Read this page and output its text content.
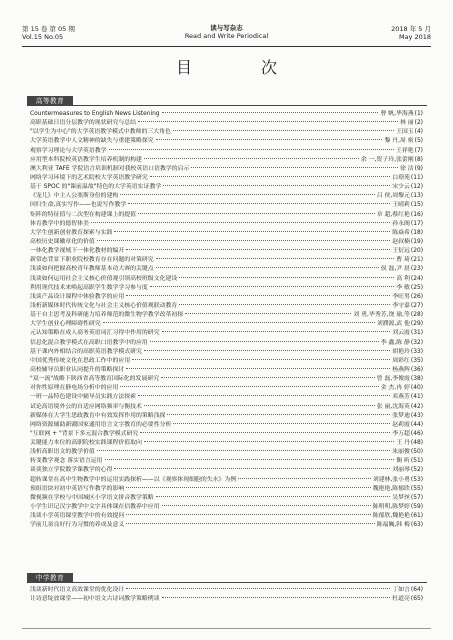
第 15 卷 第 05 期
Vol.15 No.05
读与写杂志
Read and Write Periodical
2018 年 5 月
May 2018
目 次
高等教育
Countermeasures to English News Listening	曹 帆,华海燕 (1)
高职基础日语分层教学的现状研究与总结	林 丽 (2)
"以学生为中心"的大学英语教学模式中教师的三大角色	王国玉 (4)
大学英语教学中人文精神的缺失与重建策略探究	黎 丹,周 密 (5)
观察学习理论与大学英语教学	王祥艳 (7)
应用型本科院校英语教学生培养机制的构建	余 一,贺子玲,张蕾刚 (8)
澳大利亚 TAFE 学院语言培训机制对我校英语口语教学的启示	徐 洁 (9)
网络学习环境下的艺术院校大学英语教学研究	白璟苑 (11)
基于 SPOC 的"课前温故"特色的大学英语实证教学	宋少云 (12)
《宠儿》中主人公塞斯身份的建构	吕 侠,周黎元 (13)
回归生命,真实写作——也说写作教学	王晴莉 (15)
矩阵的特征值与二次型在构建课上的提值	章 超,蔡红艳 (16)
体育教学中的德智体美	孙永阁 (17)
大学生创新创业教育探索与实践	陈焱希 (18)
高校历史课徽章化的价值	赵叔楠 (19)
一体化教学视域下一体化教材的编开	王衍远 (20)
新常态背景下职业院校教育存在问题的对策研究	曹 琦 (21)
浅谈如何把握高校青年教师基本功大赛的关键点	侯 磊,尹 晨 (23)
浅谈如何运用社会主义核心价值观引领高校班级文化建设	高 利 (24)
利用现代技术来唤起高职学生数学学习参与度	李 敏 (25)
浅谈产品设计课程中体验教学的应用	李旺男 (26)
浅析新媒体时代传统文化与社会主义核心价值观联动教育	李守嘉 (27)
基于自主思考及科研能力培养师范的微生物学教学改革初探	刘 勇,毕秀芳,饶 瑜,等 (28)
大学生创业心理障碍性研究	刘濮源,武 他 (29)
元认知策略在成人商务英语词汇习得中作用的研究	刘云霞 (31)
信息化混合教学模式在高职口语教学中的应用	李 鑫,陈 静 (32)
基于课内外相结合的高职英语教学模式研究	胡艳玲 (33)
中国优秀传统文化在思政工作中的应用	周彩红 (35)
高校辅导员职业认同提升的策略探讨	杨燕辉 (36)
"双一流"战略下陕西省高等教育国际化的发展研究	曾 磊,李俊霞 (38)
对你性原理在静电场分析中的应用	金 杰,冉 婷 (40)
一班一品特色建设中辅导员实践方法探索	邓燕芳 (41)
试论高语境外公的自适应网络频率与衡技术	张 丽,沈海英 (42)
新媒体在大学生思政教育中有效发挥作用的策略浅探	张梦迪 (43)
网络资源辅助新疆国家通用语言文字教育的必要性分析	赵莉霞 (44)
"互联网 + "背景下多元混合教学模式研究	李万超 (46)
关键能力本位的高职院校实践课程价值取向	王 丹 (48)
浅析高职语文的教学价值	朱丽俊 (50)
转变教学观念 落实语言运用	衡 昕 (51)
谈谈独立学院数学课教学的心得	刘丽琴 (52)
超转课堂在高中生物教学中的运用实践探析——以《观察体现细胞的失水》为例	刘建林,张小勇 (53)
预组语块对初中英语写作教学的影响	魏艳艳,陈郁欣 (55)
微视频在学校与中国城区小学语文拼音教学策略	吴梦丝 (57)
小学生识记汉字教学中文字具体课在信教养中应用	陈明明,陈梦婷 (59)
浅谈小学英语课堂教学中的有效提问	陈郁欣,魏艳艳 (61)
学前儿童良好行为习惯的养成及意义	陈福巍,韩 梅 (63)
中学教育
浅谈新时代语文高效课堂的优化设计	丁如言 (64)
让诗意绽放课堂——初中语文古诗词教学策略例谈	杜道亮 (65)
